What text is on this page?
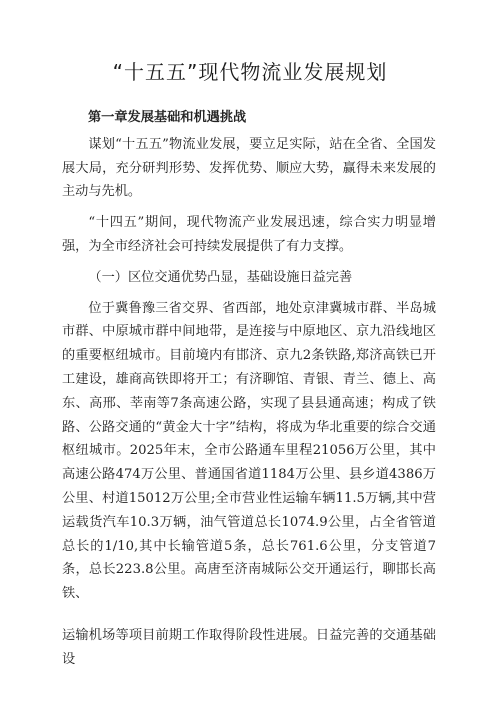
“十五五”现代物流业发展规划
第一章发展基础和机遇挑战

谋划“十五五”物流业发展，要立足实际，站在全省、全国发展大局，充分研判形势、发挥优势、顺应大势，赢得未来发展的主动与先机。

“十四五”期间，现代物流产业发展迅速，综合实力明显增强，为全市经济社会可持续发展提供了有力支撑。

（一）区位交通优势凸显，基础设施日益完善

位于冀鲁豫三省交界、省西部，地处京津冀城市群、半岛城市群、中原城市群中间地带，是连接与中原地区、京九沿线地区的重要枢纽城市。目前境内有邯济、京九2条铁路,郑济高铁已开工建设，雄商高铁即将开工；有济聊馆、青银、青兰、德上、高东、高邢、莘南等7条高速公路，实现了县县通高速；构成了铁路、公路交通的“黄金大十字”结构，将成为华北重要的综合交通枢纽城市。2025年末，全市公路通车里程21056万公里，其中高速公路474万公里、普通国省道1184万公里、县乡道4386万公里、村道15012万公里;全市营业性运输车辆11.5万辆,其中营运载货汽车10.3万辆，油气管道总长1074.9公里，占全省管道总长的1/10,其中长输管道5条，总长761.6公里，分支管道7条，总长223.8公里。高唐至济南城际公交开通运行，聊邯长高铁、

运输机场等项目前期工作取得阶段性进展。日益完善的交通基础设
